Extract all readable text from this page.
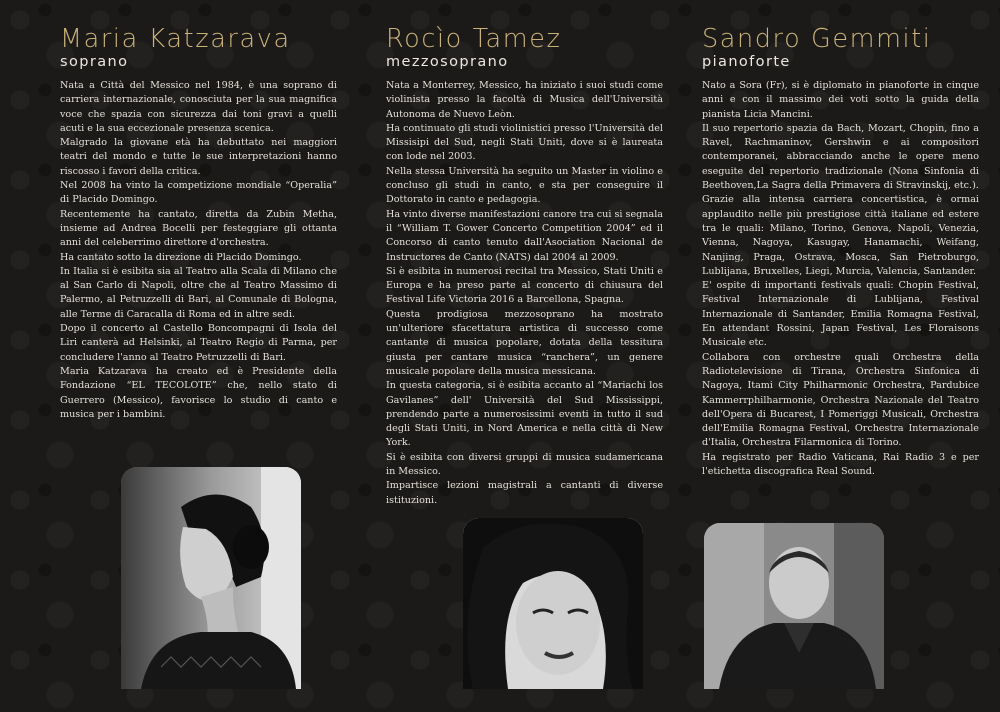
Maria Katzarava
soprano

Nata a Città del Messico nel 1984, è una soprano di carriera internazionale, conosciuta per la sua magnifica voce che spazia con sicurezza dai toni gravi a quelli acuti e la sua eccezionale presenza scenica.

Malgrado la giovane età ha debuttato nei maggiori teatri del mondo e tutte le sue interpretazioni hanno riscosso i favori della critica.

Nel 2008 ha vinto la competizione mondiale “Operalia” di Placido Domingo.

Recentemente ha cantato, diretta da Zubin Metha, insieme ad Andrea Bocelli per festeggiare gli ottanta anni del celeberrimo direttore d'orchestra.

Ha cantato sotto la direzione di Placido Domingo.

In Italia si è esibita sia al Teatro alla Scala di Milano che al San Carlo di Napoli, oltre che al Teatro Massimo di Palermo, al Petruzzelli di Bari, al Comunale di Bologna, alle Terme di Caracalla di Roma ed in altre sedi.

Dopo il concerto al Castello Boncompagni di Isola del Liri canterà ad Helsinki, al Teatro Regio di Parma, per concludere l'anno al Teatro Petruzzelli di Bari.

Maria Katzarava ha creato ed è Presidente della Fondazione “EL TECOLOTE” che, nello stato di Guerrero (Messico), favorisce lo studio di canto e musica per i bambini.

Rocìo Tamez
mezzosoprano

Nata a Monterrey, Messico, ha iniziato i suoi studi come violinista presso la facoltà di Musica dell'Università Autonoma de Nuevo Leòn.

Ha continuato gli studi violinistici presso l'Università del Missisipi del Sud, negli Stati Uniti, dove si è laureata con lode nel 2003.

Nella stessa Università ha seguito un Master in violino e concluso gli studi in canto, e sta per conseguire il Dottorato in canto e pedagogia.

Ha vinto diverse manifestazioni canore tra cui si segnala il “William T. Gower Concerto Competition 2004” ed il Concorso di canto tenuto dall'Asociation Nacional de Instructores de Canto (NATS) dal 2004 al 2009.

Si è esibita in numerosi recital tra Messico, Stati Uniti e Europa e ha preso parte al concerto di chiusura del Festival Life Victoria 2016 a Barcellona, Spagna.

Questa prodigiosa mezzosoprano ha mostrato un'ulteriore sfacettatura artistica di successo come cantante di musica popolare, dotata della tessitura giusta per cantare musica “ranchera”, un genere musicale popolare della musica messicana.

In questa categoria, si è esibita accanto al “Mariachi los Gavilanes” dell' Università del Sud Mississippi, prendendo parte a numerosissimi eventi in tutto il sud degli Stati Uniti, in Nord America e nella città di New York.

Si è esibita con diversi gruppi di musica sudamericana in Messico.

Impartisce lezioni magistrali a cantanti di diverse istituzioni.

Sandro Gemmiti
pianoforte

Nato a Sora (Fr), si è diplomato in pianoforte in cinque anni e con il massimo dei voti sotto la guida della pianista Licia Mancini.

Il suo repertorio spazia da Bach, Mozart, Chopin, fino a Ravel, Rachmaninov, Gershwin e ai compositori contemporanei, abbracciando anche le opere meno eseguite del repertorio tradizionale (Nona Sinfonia di Beethoven,La Sagra della Primavera di Stravinskij, etc.).

Grazie alla intensa carriera concertistica, è ormai applaudito nelle più prestigiose città italiane ed estere tra le quali: Milano, Torino, Genova, Napoli, Venezia, Vienna, Nagoya, Kasugay, Hanamachi, Weifang, Nanjing, Praga, Ostrava, Mosca, San Pietroburgo, Lublijana, Bruxelles, Liegi, Murcia, Valencia, Santander.

E' ospite di importanti festivals quali: Chopin Festival, Festival Internazionale di Lublijana, Festival Internazionale di Santander, Emilia Romagna Festival, En attendant Rossini, Japan Festival, Les Floraisons Musicale etc.

Collabora con orchestre quali Orchestra della Radiotelevisione di Tirana, Orchestra Sinfonica di Nagoya, Itami City Philharmonic Orchestra, Pardubice Kammerrphilharmonie, Orchestra Nazionale del Teatro dell'Opera di Bucarest, I Pomeriggi Musicali, Orchestra dell'Emilia Romagna Festival, Orchestra Internazionale d'Italia, Orchestra Filarmonica di Torino.

Ha registrato per Radio Vaticana, Rai Radio 3 e per l'etichetta discografica Real Sound.
